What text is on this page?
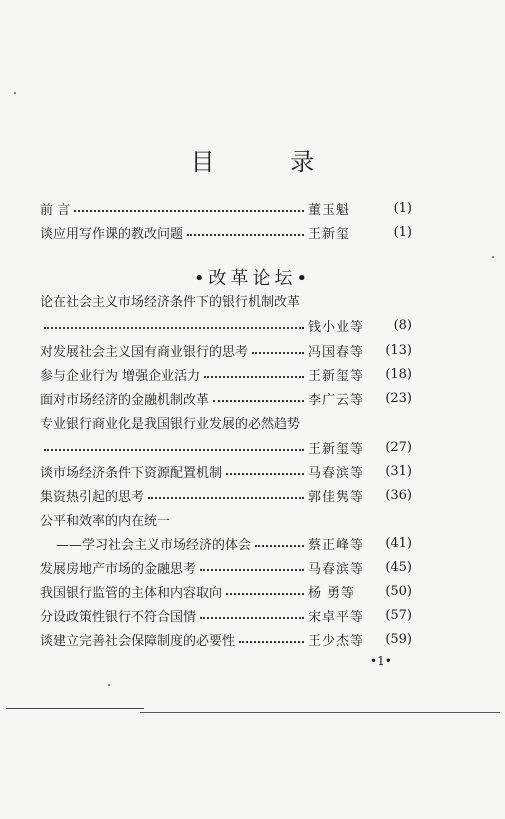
目 录
前 言	董玉魁	(1)
谈应用写作课的教改问题	王新玺	(1)
•改革论坛•
论在社会主义市场经济条件下的银行机制改革
钱小业等	(8)
对发展社会主义国有商业银行的思考	冯国春等	(13)
参与企业行为 增强企业活力	王新玺等	(18)
面对市场经济的金融机制改革	李广云等	(23)
专业银行商业化是我国银行业发展的必然趋势
王新玺等	(27)
谈市场经济条件下资源配置机制	马春滨等	(31)
集资热引起的思考	郭佳隽等	(36)
公平和效率的内在统一
——学习社会主义市场经济的体会	蔡正峰等	(41)
发展房地产市场的金融思考	马春滨等	(45)
我国银行监管的主体和内容取向	杨 勇等	(50)
分设政策性银行不符合国情	宋卓平等	(57)
谈建立完善社会保障制度的必要性	王少杰等	(59)
•1•
